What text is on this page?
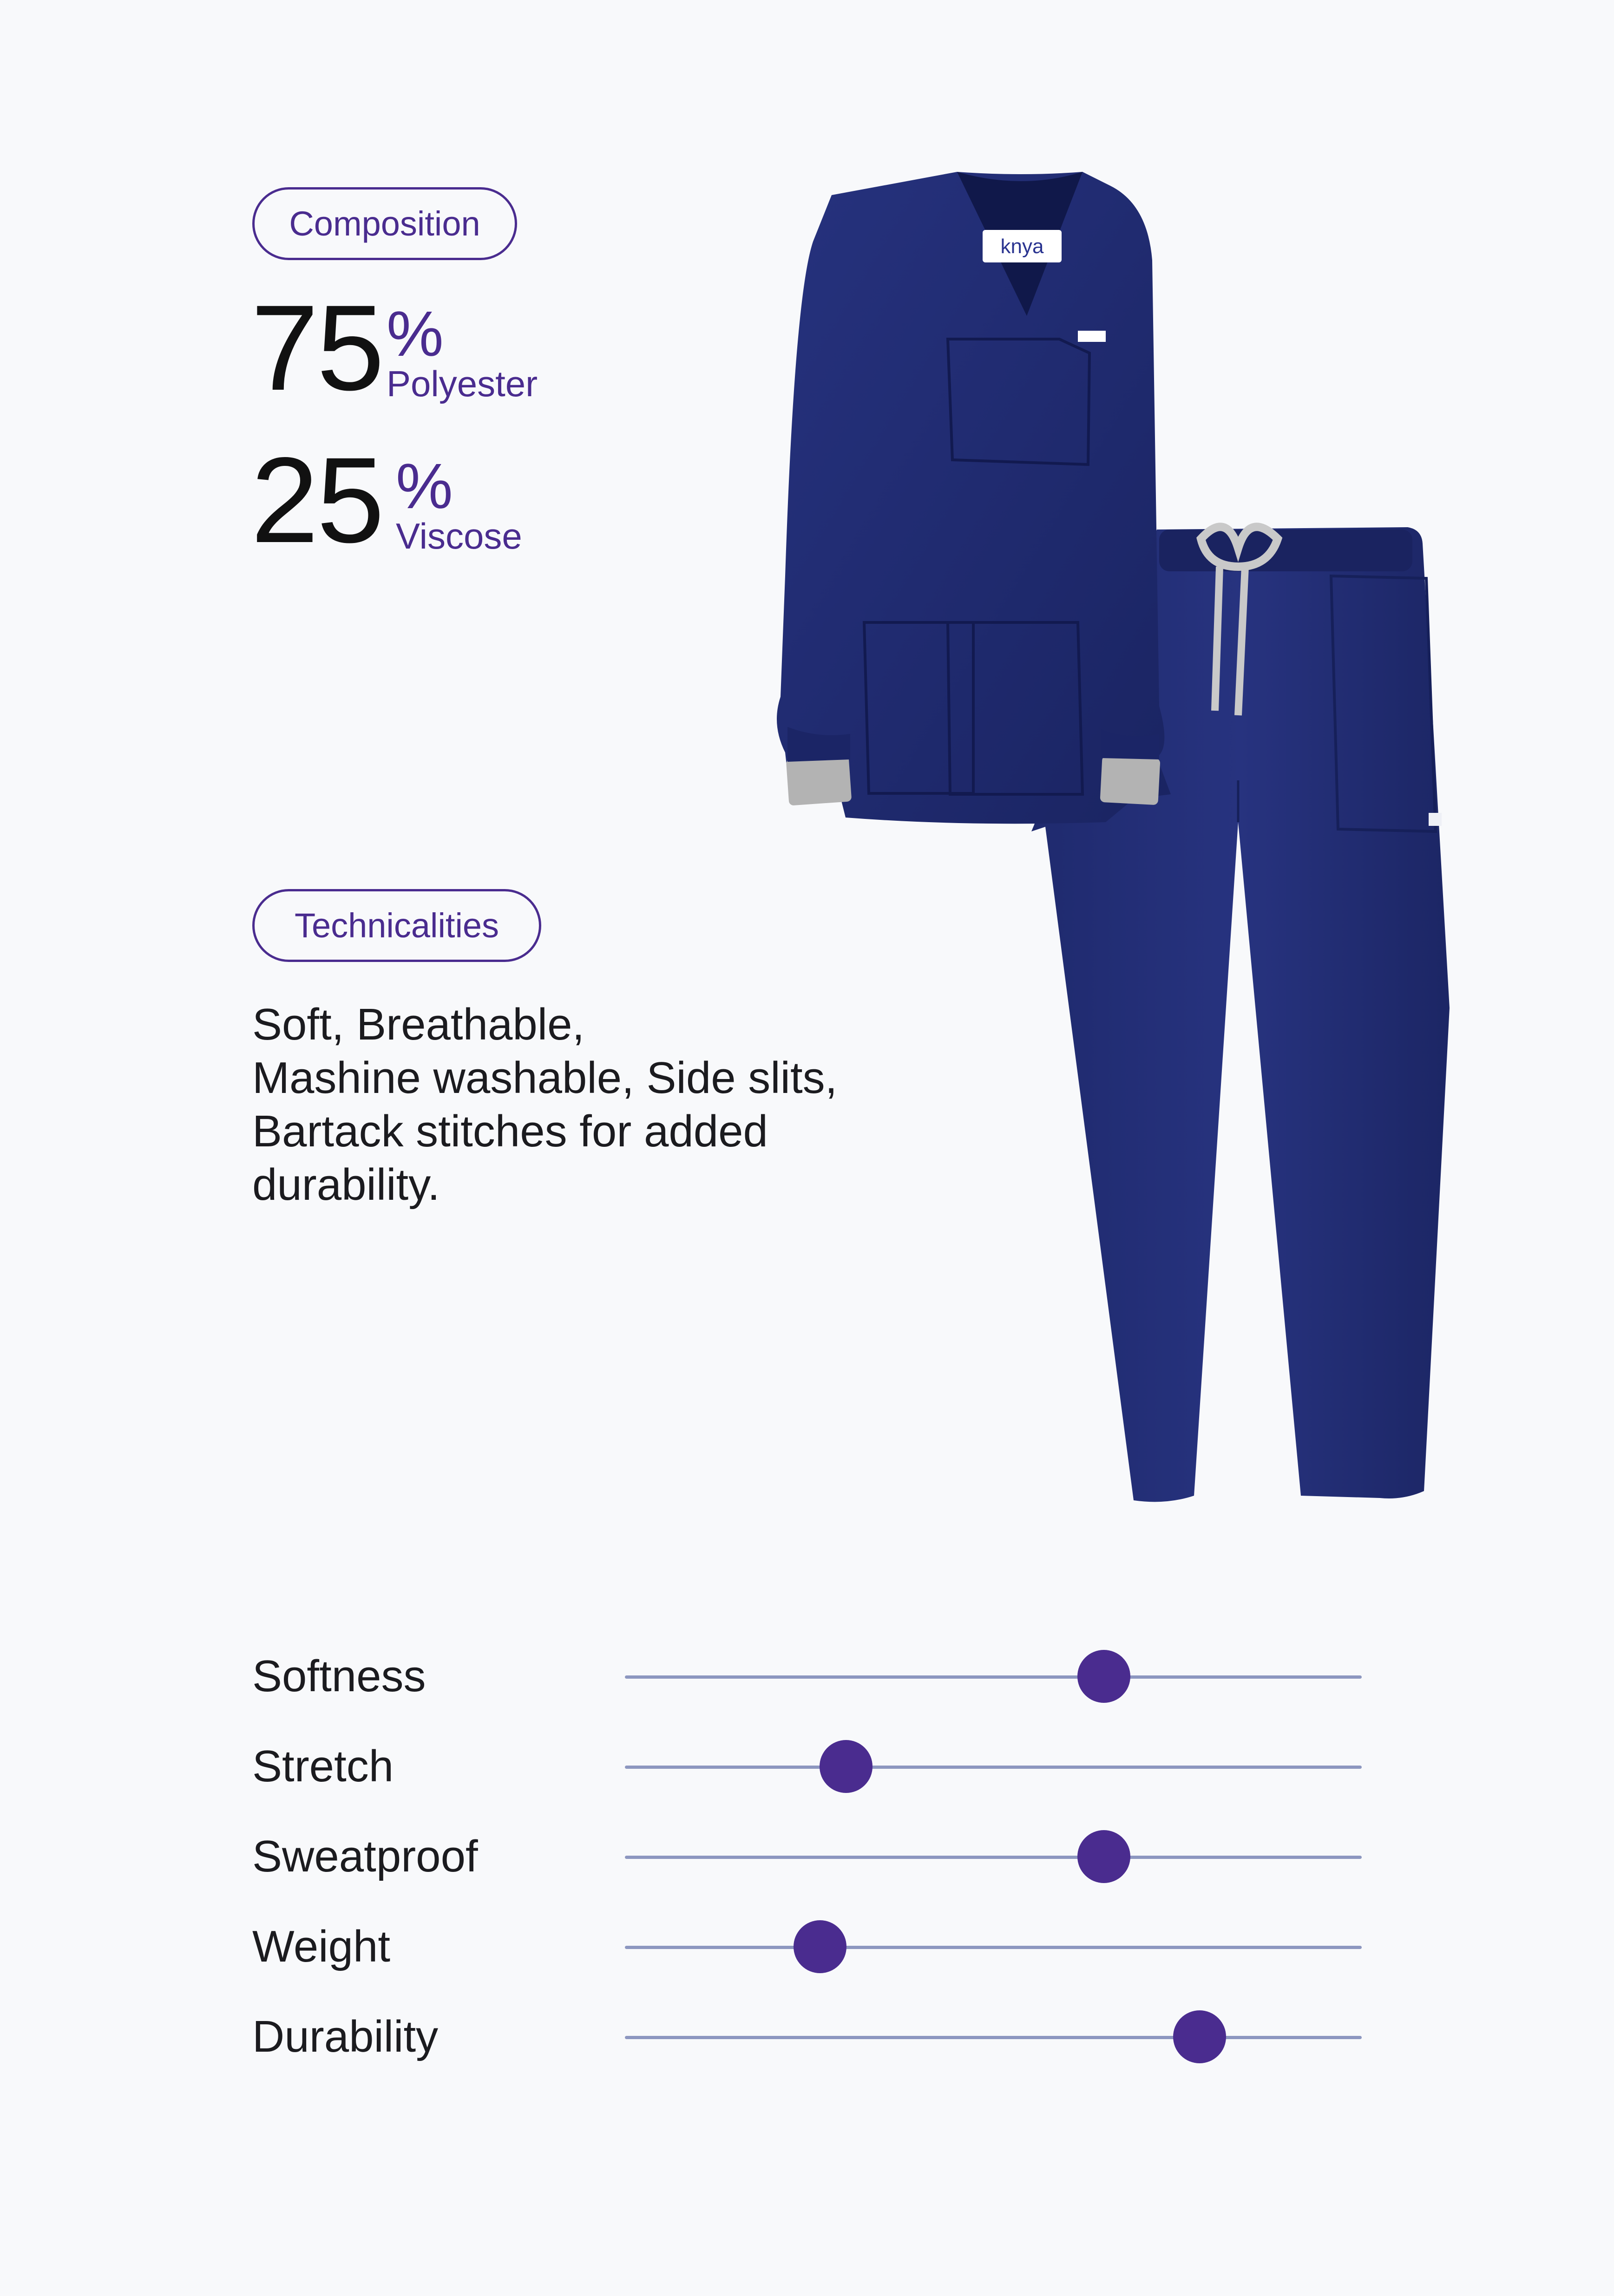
Composition
75 %
Polyester
25 %
Viscose
Technicalities
Soft, Breathable,
Mashine washable, Side slits,
Bartack stitches for added
durability.
knya
Softness
Stretch
Sweatproof
Weight
Durability
